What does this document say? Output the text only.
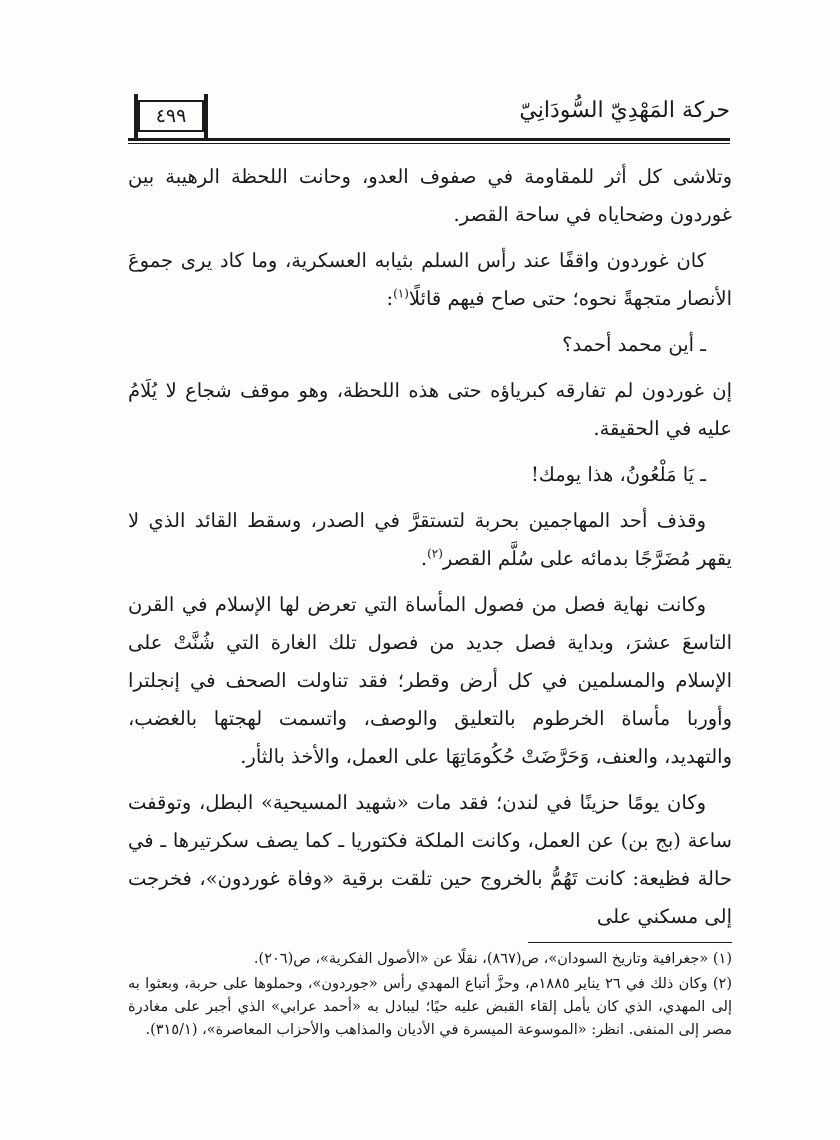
٤٩٩	حركة المَهْدِيّ السُّودَانِيّ

وتلاشى كل أثر للمقاومة في صفوف العدو، وحانت اللحظة الرهيبة بين غوردون وضحاياه في ساحة القصر.

كان غوردون واقفًا عند رأس السلم بثيابه العسكرية، وما كاد يرى جموعَ الأنصار متجهةً نحوه؛ حتى صاح فيهم قائلًا$^{(١)}$:

ـ أين محمد أحمد؟

إن غوردون لم تفارقه كبرياؤه حتى هذه اللحظة، وهو موقف شجاع لا يُلَامُ عليه في الحقيقة.

ـ يَا مَلْعُونُ، هذا يومك!

وقذف أحد المهاجمين بحربة لتستقرَّ في الصدر، وسقط القائد الذي لا يقهر مُضَرَّجًا بدمائه على سُلَّم القصر$^{(٢)}$.

وكانت نهاية فصل من فصول المأساة التي تعرض لها الإسلام في القرن التاسعَ عشرَ، وبداية فصل جديد من فصول تلك الغارة التي شُنَّتْ على الإسلام والمسلمين في كل أرض وقطر؛ فقد تناولت الصحف في إنجلترا وأوربا مأساة الخرطوم بالتعليق والوصف، واتسمت لهجتها بالغضب، والتهديد، والعنف، وَحَرَّضَتْ حُكُومَاتِهَا على العمل، والأخذ بالثأر.

وكان يومًا حزينًا في لندن؛ فقد مات «شهيد المسيحية» البطل، وتوقفت ساعة (بج بن) عن العمل، وكانت الملكة فكتوريا ـ كما يصف سكرتيرها ـ في حالة فظيعة: كانت تَهُمُّ بالخروج حين تلقت برقية «وفاة غوردون»، فخرجت إلى مسكني على

(١) «جغرافية وتاريخ السودان»، ص(٨٦٧)، نقلًا عن «الأصول الفكرية»، ص(٢٠٦).

(٢) وكان ذلك في ٢٦ يناير ١٨٨٥م، وحزَّ أتباع المهدي رأس «جوردون»، وحملوها على حربة، وبعثوا به إلى المهدي، الذي كان يأمل إلقاء القبض عليه حيًا؛ ليبادل به «أحمد عرابي» الذي أجبر على مغادرة مصر إلى المنفى. انظر: «الموسوعة الميسرة في الأديان والمذاهب والأحزاب المعاصرة»، (٣١٥/١).
